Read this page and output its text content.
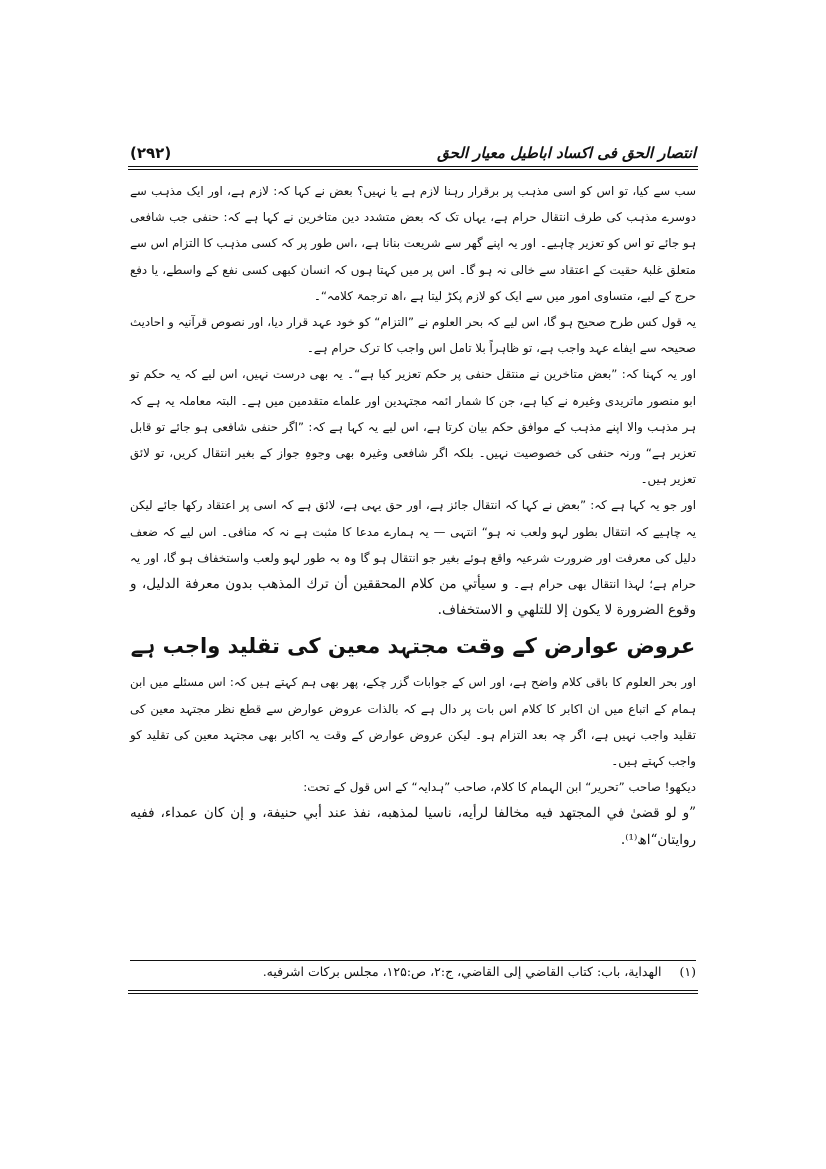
(۲۹۲)	انتصار الحق فی اکساد اباطیل معیار الحق

سب سے کیا، تو اس کو اسی مذہب پر برقرار رہنا لازم ہے یا نہیں؟ بعض نے کہا کہ: لازم ہے، اور ایک مذہب سے دوسرے مذہب کی طرف انتقال حرام ہے، یہاں تک کہ بعض متشدد دین متاخرین نے کہا ہے کہ: حنفی جب شافعی ہو جائے تو اس کو تعزیر چاہیے۔ اور یہ اپنے گھر سے شریعت بنانا ہے، ،اس طور پر کہ کسی مذہب کا التزام اس سے متعلق غلبۂ حقیت کے اعتقاد سے خالی نہ ہو گا۔ اس پر میں کہتا ہوں کہ انسان کبھی کسی نفع کے واسطے، یا دفع حرج کے لیے، متساوی امور میں سے ایک کو لازم پکڑ لیتا ہے ،اھ ترجمۃ کلامہ“۔

یہ قول کس طرح صحیح ہو گا، اس لیے کہ بحر العلوم نے ”التزام“ کو خود عہد قرار دیا، اور نصوص قرآنیہ و احادیث صحیحہ سے ایفاے عہد واجب ہے، تو ظاہراً بلا تامل اس واجب کا ترک حرام ہے۔

اور یہ کہنا کہ: ”بعض متاخرین نے منتقل حنفی پر حکم تعزیر کیا ہے“۔ یہ بھی درست نہیں، اس لیے کہ یہ حکم تو ابو منصور ماتریدی وغیرہ نے کیا ہے، جن کا شمار ائمہ مجتہدین اور علماے متقدمین میں ہے۔ البتہ معاملہ یہ ہے کہ ہر مذہب والا اپنے مذہب کے موافق حکم بیان کرتا ہے، اس لیے یہ کہا ہے کہ: ”اگر حنفی شافعی ہو جائے تو قابل تعزیر ہے“ ورنہ حنفی کی خصوصیت نہیں۔ بلکہ اگر شافعی وغیرہ بھی وجوہِ جواز کے بغیر انتقال کریں، تو لائق تعزیر ہیں۔

اور جو یہ کہا ہے کہ: ”بعض نے کہا کہ انتقال جائز ہے، اور حق یہی ہے، لائق ہے کہ اسی پر اعتقاد رکھا جائے لیکن یہ چاہیے کہ انتقال بطور لہو ولعب نہ ہو“ انتہی — یہ ہمارے مدعا کا مثبت ہے نہ کہ منافی۔ اس لیے کہ ضعف دلیل کی معرفت اور ضرورت شرعیہ واقع ہوئے بغیر جو انتقال ہو گا وہ بہ طور لہو ولعب واستخفاف ہو گا، اور یہ حرام ہے؛ لہذا انتقال بھی حرام ہے۔ و سیأتي من کلام المحققین أن ترك المذهب بدون معرفة الدلیل، و وقوع الضرورة لا یکون إلا للتلهي و الاستخفاف.

عروض عوارض کے وقت مجتہد معین کی تقلید واجب ہے

اور بحر العلوم کا باقی کلام واضح ہے، اور اس کے جوابات گزر چکے، پھر بھی ہم کہتے ہیں کہ: اس مسئلے میں ابن ہمام کے اتباع میں ان اکابر کا کلام اس بات پر دال ہے کہ بالذات عروض عوارض سے قطع نظر مجتہد معین کی تقلید واجب نہیں ہے، اگر چہ بعد التزام ہو۔ لیکن عروض عوارض کے وقت یہ اکابر بھی مجتہد معین کی تقلید کو واجب کہتے ہیں۔

دیکھو! صاحب ”تحریر“ ابن الہمام کا کلام، صاحب ”ہدایہ“ کے اس قول کے تحت:

”و لو قضیٰ في المجتهد فیه مخالفا لرأیه، ناسیا لمذهبه، نفذ عند أبي حنیفة، و إن کان عمداء، ففیه روایتان“اھ⁽¹⁾.

(۱)
الهدایة، باب: کتاب القاضي إلی القاضي، ج:۲، ص:۱۲۵، مجلس برکات اشرفیه.
